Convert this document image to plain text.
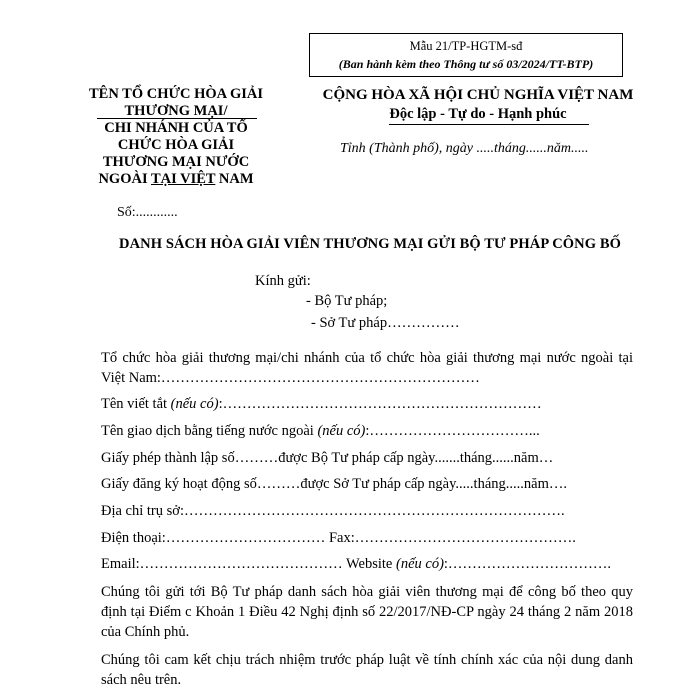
Mẫu 21/TP-HGTM-sđ
(Ban hành kèm theo Thông tư số 03/2024/TT-BTP)
TÊN TỔ CHỨC HÒA GIẢI
THƯƠNG MẠI/
CHI NHÁNH CỦA TỔ
CHỨC HÒA GIẢI
THƯƠNG MẠI NƯỚC
NGOÀI TẠI VIỆT NAM
Số:............
CỘNG HÒA XÃ HỘI CHỦ NGHĨA VIỆT NAM
Độc lập - Tự do - Hạnh phúc
Tỉnh (Thành phố), ngày .....tháng......năm.....
DANH SÁCH HÒA GIẢI VIÊN THƯƠNG MẠI GỬI BỘ TƯ PHÁP CÔNG BỐ
Kính gửi:
- Bộ Tư pháp;
- Sở Tư pháp……………
Tổ chức hòa giải thương mại/chi nhánh của tổ chức hòa giải thương mại nước ngoài tại Việt Nam:…………………………………………………………
Tên viết tắt (nếu có):…………………………………………………………
Tên giao dịch bằng tiếng nước ngoài (nếu có):……………………………...
Giấy phép thành lập số………được Bộ Tư pháp cấp ngày.......tháng......năm…
Giấy đăng ký hoạt động số………được Sở Tư pháp cấp ngày.....tháng.....năm….
Địa chỉ trụ sở:…………………………………………………………………….
Điện thoại:…………………………… Fax:……………………………………….
Email:…………………………………… Website (nếu có):…………………………….
Chúng tôi gửi tới Bộ Tư pháp danh sách hòa giải viên thương mại để công bố theo quy định tại Điểm c Khoản 1 Điều 42 Nghị định số 22/2017/NĐ-CP ngày 24 tháng 2 năm 2018 của Chính phủ.
Chúng tôi cam kết chịu trách nhiệm trước pháp luật về tính chính xác của nội dung danh sách nêu trên.
